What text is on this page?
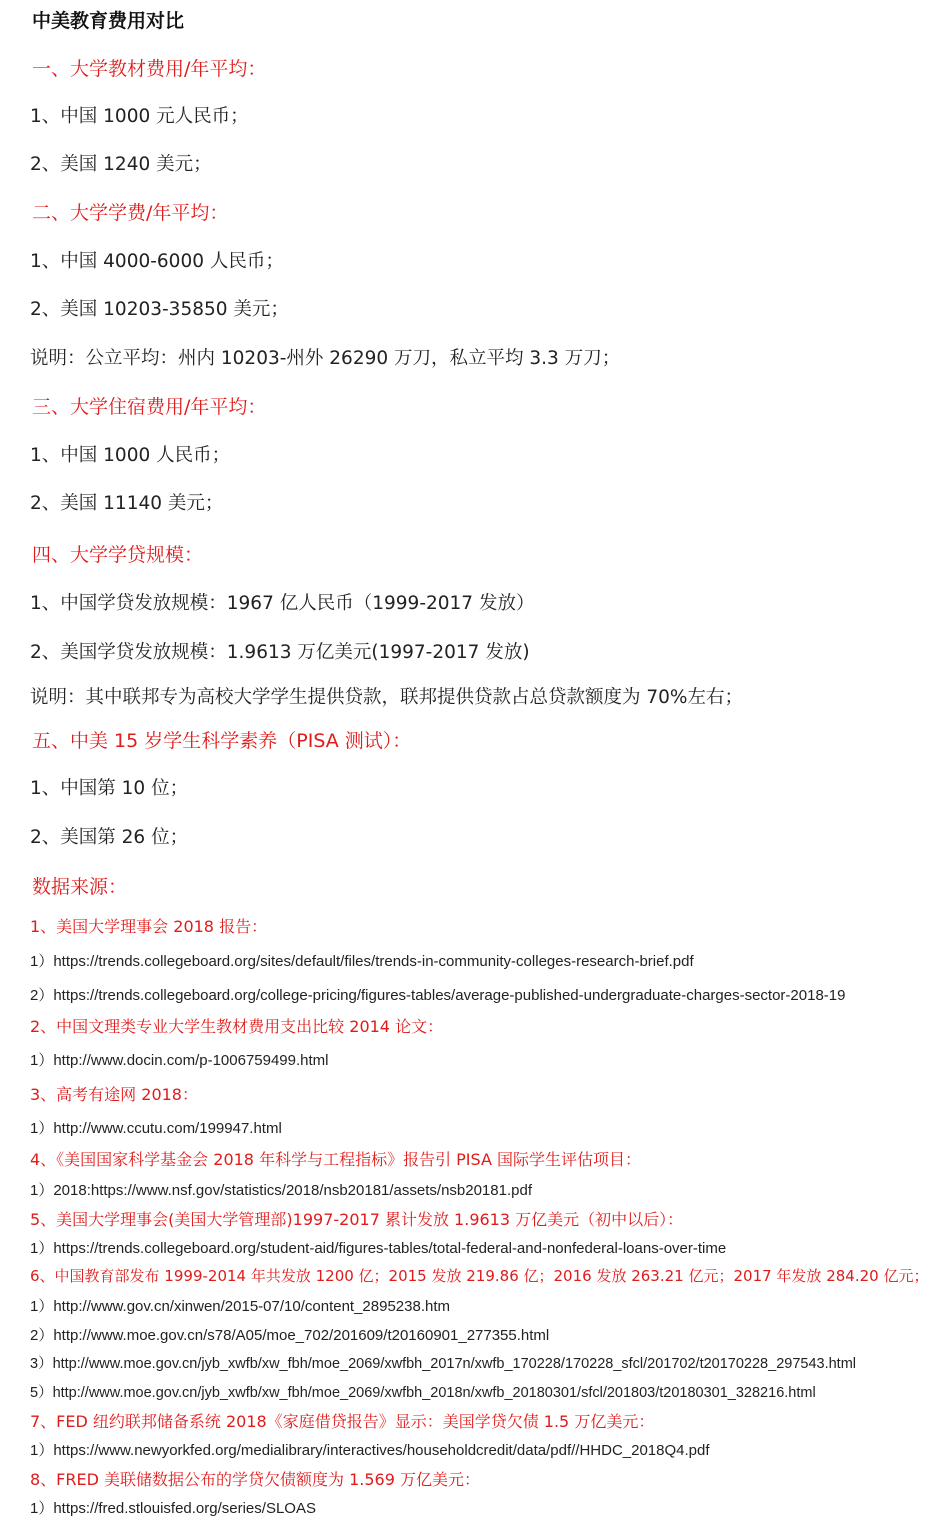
中美教育费用对比
一、大学教材费用/年平均：
1、中国 1000 元人民币；
2、美国 1240 美元；
二、大学学费/年平均：
1、中国 4000-6000 人民币；
2、美国 10203-35850 美元；
说明：公立平均：州内 10203-州外 26290 万刀，私立平均 3.3 万刀；
三、大学住宿费用/年平均：
1、中国 1000 人民币；
2、美国 11140 美元；
四、大学学贷规模：
1、中国学贷发放规模：1967 亿人民币（1999-2017 发放）
2、美国学贷发放规模：1.9613 万亿美元(1997-2017 发放)
说明：其中联邦专为高校大学学生提供贷款，联邦提供贷款占总贷款额度为 70%左右；
五、中美 15 岁学生科学素养（PISA 测试）：
1、中国第 10 位；
2、美国第 26 位；
数据来源：
1、美国大学理事会 2018 报告：
1）https://trends.collegeboard.org/sites/default/files/trends-in-community-colleges-research-brief.pdf
2）https://trends.collegeboard.org/college-pricing/figures-tables/average-published-undergraduate-charges-sector-2018-19
2、中国文理类专业大学生教材费用支出比较 2014 论文：
1）http://www.docin.com/p-1006759499.html
3、高考有途网 2018：
1）http://www.ccutu.com/199947.html
4、《美国国家科学基金会 2018 年科学与工程指标》报告引 PISA 国际学生评估项目：
1）2018:https://www.nsf.gov/statistics/2018/nsb20181/assets/nsb20181.pdf
5、美国大学理事会(美国大学管理部)1997-2017 累计发放 1.9613 万亿美元（初中以后）：
1）https://trends.collegeboard.org/student-aid/figures-tables/total-federal-and-nonfederal-loans-over-time
6、中国教育部发布 1999-2014 年共发放 1200 亿；2015 发放 219.86 亿；2016 发放 263.21 亿元；2017 年发放 284.20 亿元；
1）http://www.gov.cn/xinwen/2015-07/10/content_2895238.htm
2）http://www.moe.gov.cn/s78/A05/moe_702/201609/t20160901_277355.html
3）http://www.moe.gov.cn/jyb_xwfb/xw_fbh/moe_2069/xwfbh_2017n/xwfb_170228/170228_sfcl/201702/t20170228_297543.html
5）http://www.moe.gov.cn/jyb_xwfb/xw_fbh/moe_2069/xwfbh_2018n/xwfb_20180301/sfcl/201803/t20180301_328216.html
7、FED 纽约联邦储备系统 2018《家庭借贷报告》显示：美国学贷欠债 1.5 万亿美元：
1）https://www.newyorkfed.org/medialibrary/interactives/householdcredit/data/pdf//HHDC_2018Q4.pdf
8、FRED 美联储数据公布的学贷欠债额度为 1.569 万亿美元：
1）https://fred.stlouisfed.org/series/SLOAS
